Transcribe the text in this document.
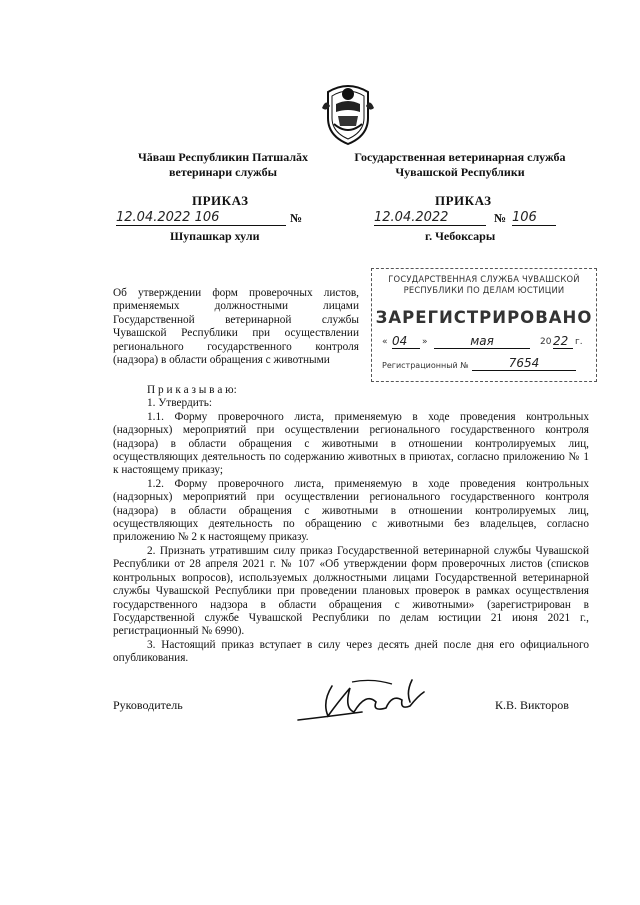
Чăваш Республикин Патшалăх
ветеринари службы
Государственная ветеринарная служба
Чувашской Республики
ПРИКАЗ	ПРИКАЗ
12.04.2022 106	№	12.04.2022	№ 106
Шупашкар хули	г. Чебоксары
Об утверждении форм проверочных листов, применяемых должностными лицами Государственной ветеринарной службы Чувашской Республики при осуществлении регионального государственного контроля (надзора) в области обращения с животными
ГОСУДАРСТВЕННАЯ СЛУЖБА ЧУВАШСКОЙ
РЕСПУБЛИКИ ПО ДЕЛАМ ЮСТИЦИИ
ЗАРЕГИСТРИРОВАНО
« 04	»	мая	20 22 г.
Регистрационный №	7654

П р и к а з ы в а ю:

1. Утвердить:

1.1. Форму проверочного листа, применяемую в ходе проведения контрольных (надзорных) мероприятий при осуществлении регионального государственного контроля (надзора) в области обращения с животными в отношении контролируемых лиц, осуществляющих деятельность по содержанию животных в приютах, согласно приложению № 1 к настоящему приказу;

1.2. Форму проверочного листа, применяемую в ходе проведения контрольных (надзорных) мероприятий при осуществлении регионального государственного контроля (надзора) в области обращения с животными в отношении контролируемых лиц, осуществляющих деятельность по обращению с животными без владельцев, согласно приложению № 2 к настоящему приказу.

2. Признать утратившим силу приказ Государственной ветеринарной службы Чувашской Республики от 28 апреля 2021 г. № 107 «Об утверждении форм проверочных листов (списков контрольных вопросов), используемых должностными лицами Государственной ветеринарной службы Чувашской Республики при проведении плановых проверок в рамках осуществления государственного надзора в области обращения с животными» (зарегистрирован в Государственной службе Чувашской Республики по делам юстиции 21 июня 2021 г., регистрационный № 6990).

3. Настоящий приказ вступает в силу через десять дней после дня его официального опубликования.

Руководитель	К.В. Викторов
